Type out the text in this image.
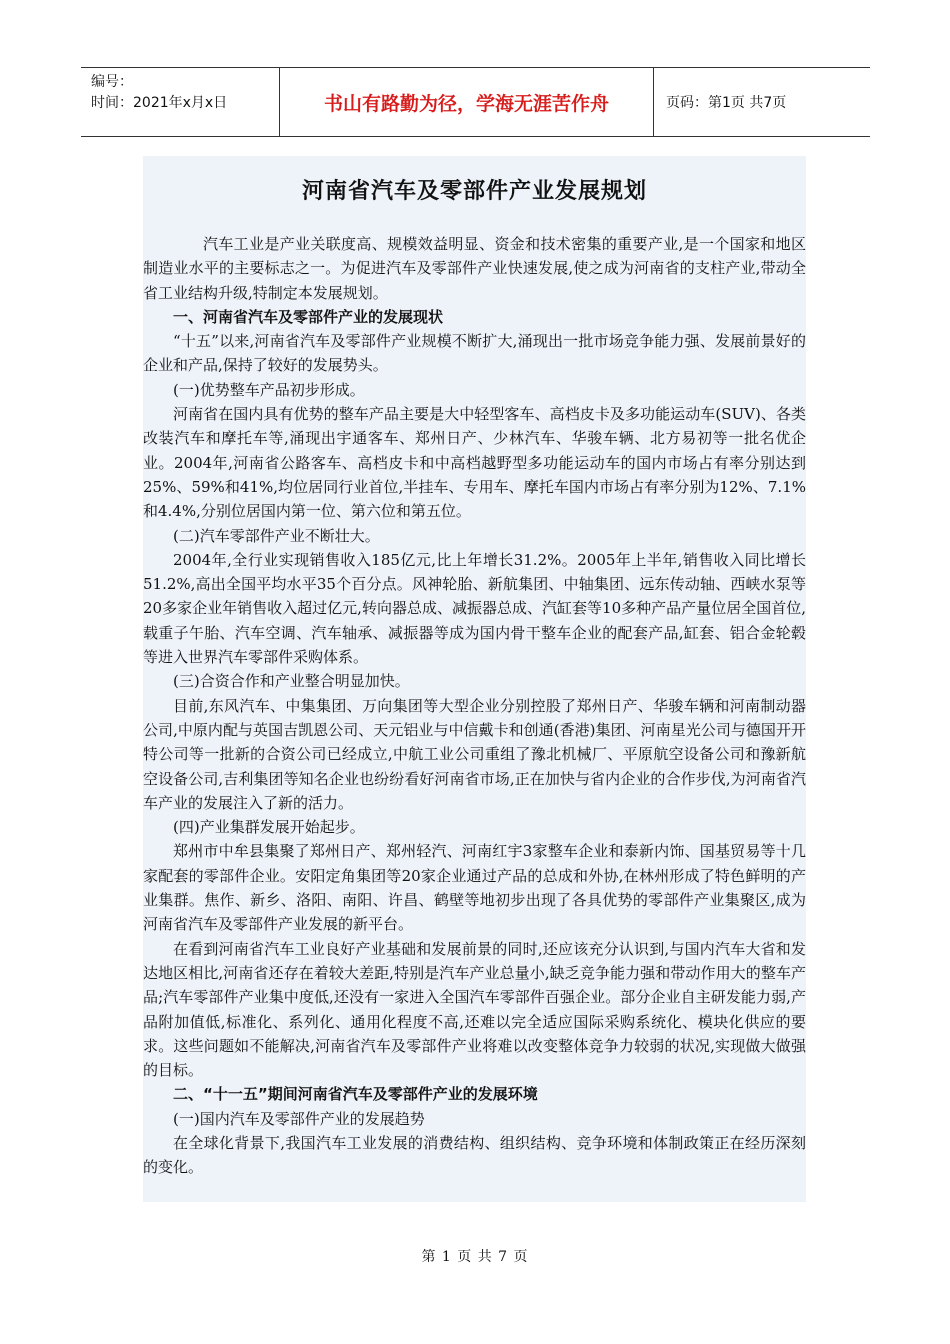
编号：
时间：2021年x月x日	书山有路勤为径，学海无涯苦作舟	页码：第1页 共7页
河南省汽车及零部件产业发展规划

汽车工业是产业关联度高、规模效益明显、资金和技术密集的重要产业,是一个国家和地区制造业水平的主要标志之一。为促进汽车及零部件产业快速发展,使之成为河南省的支柱产业,带动全省工业结构升级,特制定本发展规划。

一、河南省汽车及零部件产业的发展现状

“十五”以来,河南省汽车及零部件产业规模不断扩大,涌现出一批市场竞争能力强、发展前景好的企业和产品,保持了较好的发展势头。

(一)优势整车产品初步形成。

河南省在国内具有优势的整车产品主要是大中轻型客车、高档皮卡及多功能运动车(SUV)、各类改装汽车和摩托车等,涌现出宇通客车、郑州日产、少林汽车、华骏车辆、北方易初等一批名优企业。2004年,河南省公路客车、高档皮卡和中高档越野型多功能运动车的国内市场占有率分别达到25%、59%和41%,均位居同行业首位,半挂车、专用车、摩托车国内市场占有率分别为12%、7.1%和4.4%,分别位居国内第一位、第六位和第五位。

(二)汽车零部件产业不断壮大。

2004年,全行业实现销售收入185亿元,比上年增长31.2%。2005年上半年,销售收入同比增长51.2%,高出全国平均水平35个百分点。风神轮胎、新航集团、中轴集团、远东传动轴、西峡水泵等20多家企业年销售收入超过亿元,转向器总成、减振器总成、汽缸套等10多种产品产量位居全国首位,载重子午胎、汽车空调、汽车轴承、减振器等成为国内骨干整车企业的配套产品,缸套、铝合金轮毂等进入世界汽车零部件采购体系。

(三)合资合作和产业整合明显加快。

目前,东风汽车、中集集团、万向集团等大型企业分别控股了郑州日产、华骏车辆和河南制动器公司,中原内配与英国吉凯恩公司、天元铝业与中信戴卡和创通(香港)集团、河南星光公司与德国开开特公司等一批新的合资公司已经成立,中航工业公司重组了豫北机械厂、平原航空设备公司和豫新航空设备公司,吉利集团等知名企业也纷纷看好河南省市场,正在加快与省内企业的合作步伐,为河南省汽车产业的发展注入了新的活力。

(四)产业集群发展开始起步。

郑州市中牟县集聚了郑州日产、郑州轻汽、河南红宇3家整车企业和泰新内饰、国基贸易等十几家配套的零部件企业。安阳定角集团等20家企业通过产品的总成和外协,在林州形成了特色鲜明的产业集群。焦作、新乡、洛阳、南阳、许昌、鹤壁等地初步出现了各具优势的零部件产业集聚区,成为河南省汽车及零部件产业发展的新平台。

在看到河南省汽车工业良好产业基础和发展前景的同时,还应该充分认识到,与国内汽车大省和发达地区相比,河南省还存在着较大差距,特别是汽车产业总量小,缺乏竞争能力强和带动作用大的整车产品;汽车零部件产业集中度低,还没有一家进入全国汽车零部件百强企业。部分企业自主研发能力弱,产品附加值低,标准化、系列化、通用化程度不高,还难以完全适应国际采购系统化、模块化供应的要求。这些问题如不能解决,河南省汽车及零部件产业将难以改变整体竞争力较弱的状况,实现做大做强的目标。

二、“十一五”期间河南省汽车及零部件产业的发展环境

(一)国内汽车及零部件产业的发展趋势

在全球化背景下,我国汽车工业发展的消费结构、组织结构、竞争环境和体制政策正在经历深刻的变化。

第 1 页 共 7 页
